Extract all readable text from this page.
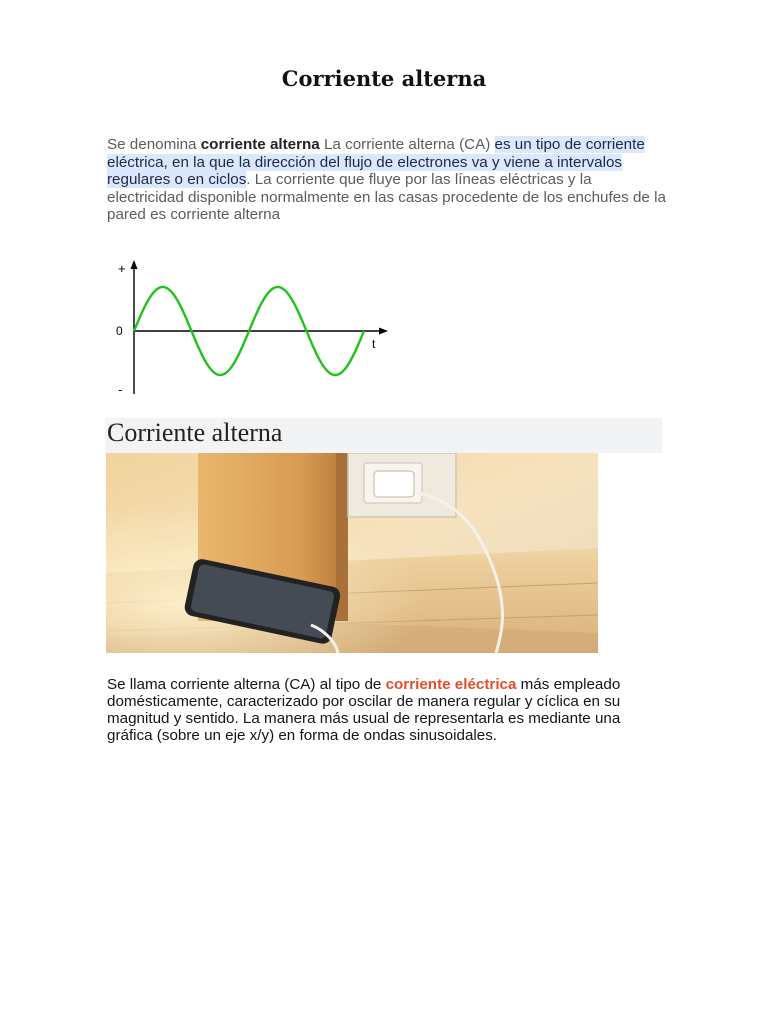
Corriente alterna
Se denomina corriente alterna La corriente alterna (CA) es un tipo de corriente eléctrica, en la que la dirección del flujo de electrones va y viene a intervalos regulares o en ciclos. La corriente que fluye por las líneas eléctricas y la electricidad disponible normalmente en las casas procedente de los enchufes de la pared es corriente alterna
+
0
-
t
Corriente alterna
Se llama corriente alterna (CA) al tipo de corriente eléctrica más empleado domésticamente, caracterizado por oscilar de manera regular y cíclica en su magnitud y sentido. La manera más usual de representarla es mediante una gráfica (sobre un eje x/y) en forma de ondas sinusoidales.
